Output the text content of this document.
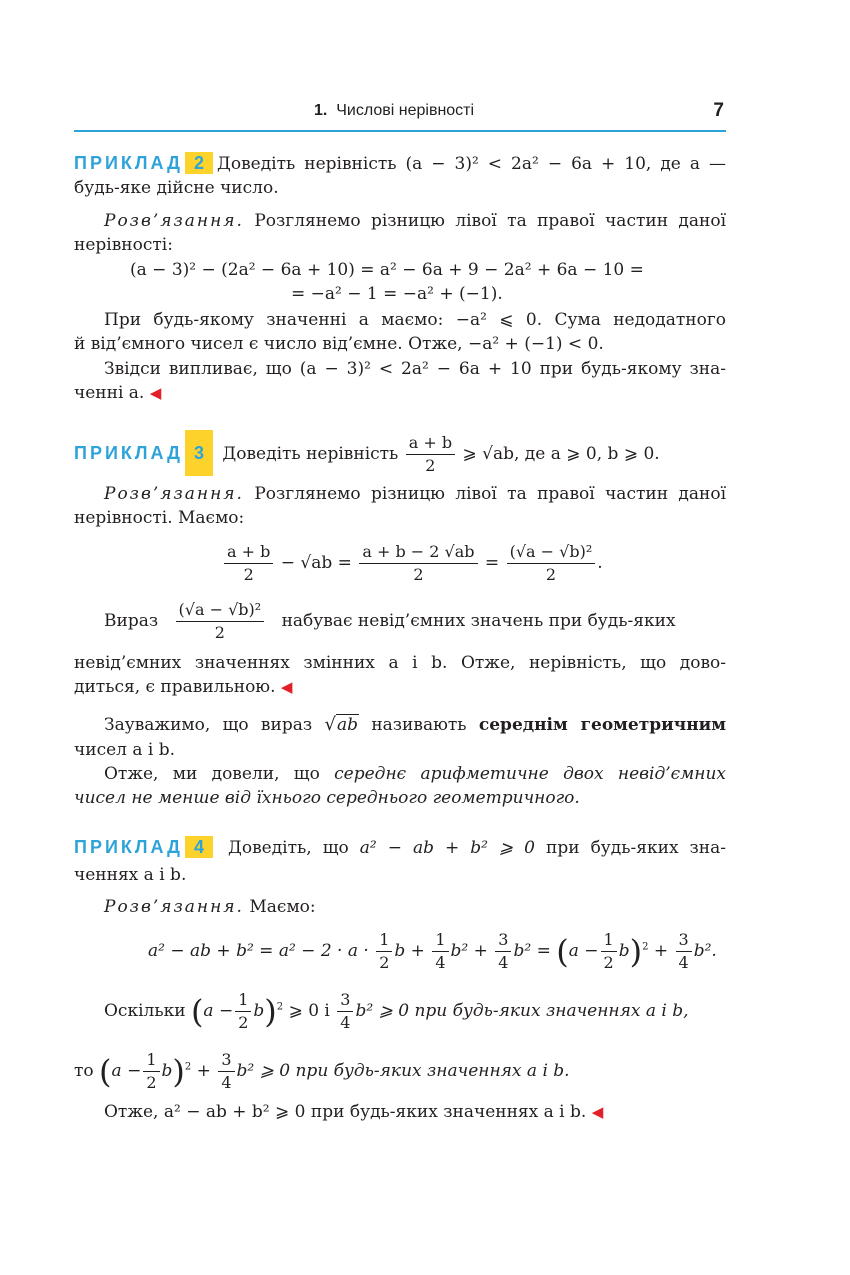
1. Числові нерівності	7
ПРИКЛАД 2 Доведіть нерівність (a − 3)² < 2a² − 6a + 10, де a —
будь-яке дійсне число.
Розв’язання. Розглянемо різницю лівої та правої частин даної
нерівності:
(a − 3)² − (2a² − 6a + 10) = a² − 6a + 9 − 2a² + 6a − 10 =
= −a² − 1 = −a² + (−1).
При будь-якому значенні a маємо: −a² ⩽ 0. Сума недодатного
й від’ємного чисел є число від’ємне. Отже, −a² + (−1) < 0.
Звідси випливає, що (a − 3)² < 2a² − 6a + 10 при будь-якому зна-
ченні a. ◀
ПРИКЛАД 3 Доведіть нерівність $\frac{a + b}{2}$ ⩾ √ab, де a ⩾ 0, b ⩾ 0.
Розв’язання. Розглянемо різницю лівої та правої частин даної
нерівності. Маємо:
$\frac{a + b}{2} - √ab = \frac{a + b - 2 √ab}{2} = \frac{\text{(√a − √b)²}}{2}$ .
Вираз $\frac{\text{(√a − √b)²}}{2}$ набуває невід’ємних значень при будь-яких
невід’ємних значеннях змінних a і b. Отже, нерівність, що дово-
диться, є правильною. ◀
Зауважимо, що вираз √ab називають середнім геометричним
чисел a і b.
Отже, ми довели, що середнє арифметичне двох невід’ємних
чисел не менше від їхнього середнього геометричного.
ПРИКЛАД 4 Доведіть, що a² − ab + b² ⩾ 0 при будь-яких зна-
ченнях a і b.
Розв’язання. Маємо:
a² − ab + $b^2 = a^2 - 2 \cdot a \cdot \frac{1}{2}$ $b + \frac{1}{4} b^2 + \frac{3}{4} b^2 = (a - \frac{1}{2} b)^2 + \frac{3}{4} b^2$.
Оскільки $(a - \frac{1}{2} b)^2$ ⩾ 0 і $\frac{3}{4} b^2$ ⩾ 0 при будь-яких значеннях a і b,
то $(a - \frac{1}{2} b)^2 + \frac{3}{4} b^2$ ⩾ 0 при будь-яких значеннях a і b.
Отже, a² − ab + b² ⩾ 0 при будь-яких значеннях a і b. ◀
